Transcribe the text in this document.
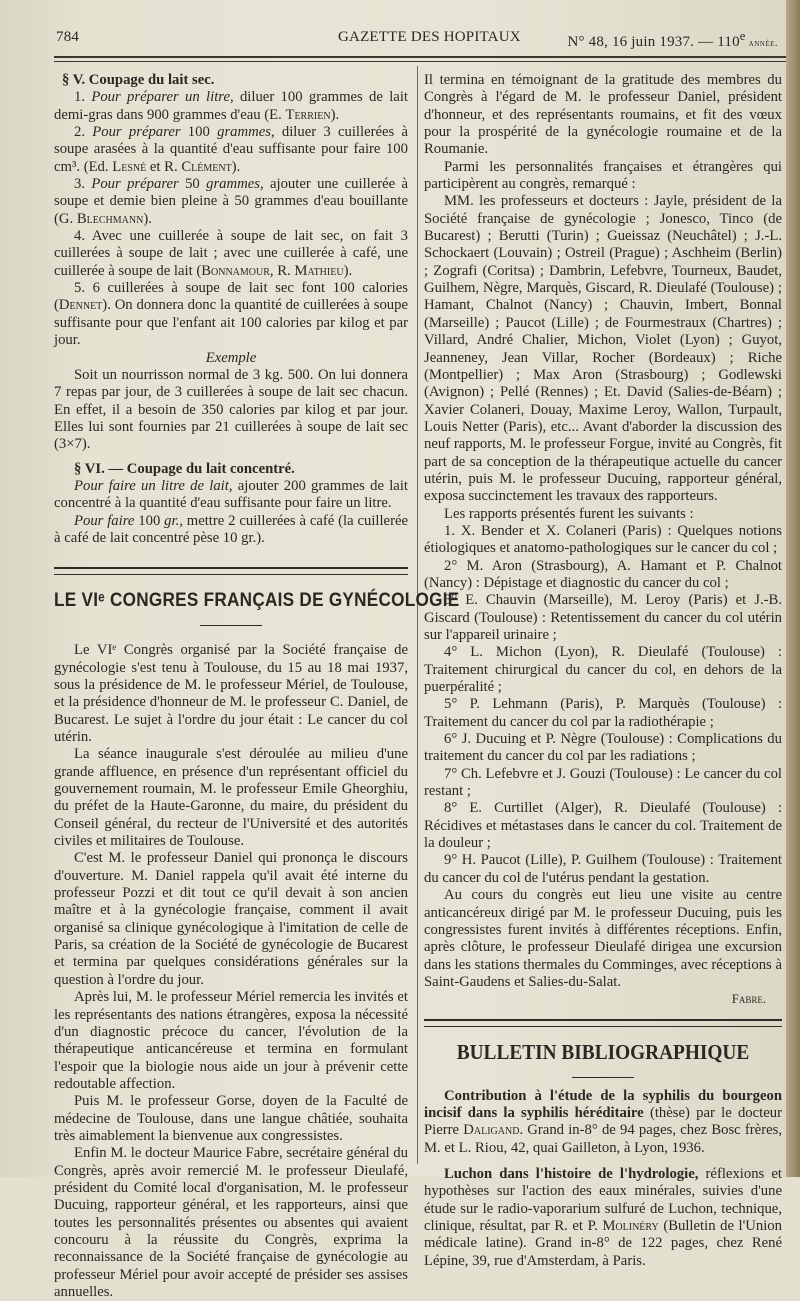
784	GAZETTE DES HOPITAUX	N° 48, 16 juin 1937. — 110e année.

§ V. Coupage du lait sec.

1. Pour préparer un litre, diluer 100 grammes de lait demi-gras dans 900 grammes d'eau (E. Terrien).

2. Pour préparer 100 grammes, diluer 3 cuillerées à soupe arasées à la quantité d'eau suffisante pour faire 100 cm³. (Ed. Lesné et R. Clément).

3. Pour préparer 50 grammes, ajouter une cuillerée à soupe et demie bien pleine à 50 grammes d'eau bouillante (G. Blechmann).

4. Avec une cuillerée à soupe de lait sec, on fait 3 cuillerées à soupe de lait ; avec une cuillerée à café, une cuillerée à soupe de lait (Bonnamour, R. Mathieu).

5. 6 cuillerées à soupe de lait sec font 100 calories (Dennet). On donnera donc la quantité de cuillerées à soupe suffisante pour que l'enfant ait 100 calories par kilog et par jour.

Exemple

Soit un nourrisson normal de 3 kg. 500. On lui donnera 7 repas par jour, de 3 cuillerées à soupe de lait sec chacun. En effet, il a besoin de 350 calories par kilog et par jour. Elles lui sont fournies par 21 cuillerées à soupe de lait sec (3×7).

§ VI. — Coupage du lait concentré.

Pour faire un litre de lait, ajouter 200 grammes de lait concentré à la quantité d'eau suffisante pour faire un litre.

Pour faire 100 gr., mettre 2 cuillerées à café (la cuillerée à café de lait concentré pèse 10 gr.).

LE VIᵉ CONGRES FRANÇAIS DE GYNÉCOLOGIE

Le VIᵉ Congrès organisé par la Société française de gynécologie s'est tenu à Toulouse, du 15 au 18 mai 1937, sous la présidence de M. le professeur Mériel, de Toulouse, et la présidence d'honneur de M. le professeur C. Daniel, de Bucarest. Le sujet à l'ordre du jour était : Le cancer du col utérin.

La séance inaugurale s'est déroulée au milieu d'une grande affluence, en présence d'un représentant officiel du gouvernement roumain, M. le professeur Emile Gheorghiu, du préfet de la Haute-Garonne, du maire, du président du Conseil général, du recteur de l'Université et des autorités civiles et militaires de Toulouse.

C'est M. le professeur Daniel qui prononça le discours d'ouverture. M. Daniel rappela qu'il avait été interne du professeur Pozzi et dit tout ce qu'il devait à son ancien maître et à la gynécologie française, comment il avait organisé sa clinique gynécologique à l'imitation de celle de Paris, sa création de la Société de gynécologie de Bucarest et termina par quelques considérations générales sur la question à l'ordre du jour.

Après lui, M. le professeur Mériel remercia les invités et les représentants des nations étrangères, exposa la nécessité d'un diagnostic précoce du cancer, l'évolution de la thérapeutique anticancéreuse et termina en formulant l'espoir que la biologie nous aide un jour à prévenir cette redoutable affection.

Puis M. le professeur Gorse, doyen de la Faculté de médecine de Toulouse, dans une langue châtiée, souhaita très aimablement la bienvenue aux congressistes.

Enfin M. le docteur Maurice Fabre, secrétaire général du Congrès, après avoir remercié M. le professeur Dieulafé, président du Comité local d'organisation, M. le professeur Ducuing, rapporteur général, et les rapporteurs, ainsi que toutes les personnalités présentes ou absentes qui avaient concouru à la réussite du Congrès, exprima la reconnaissance de la Société française de gynécologie au professeur Mériel pour avoir accepté de présider ses assises annuelles.

Il termina en témoignant de la gratitude des membres du Congrès à l'égard de M. le professeur Daniel, président d'honneur, et des représentants roumains, et fit des vœux pour la prospérité de la gynécologie roumaine et de la Roumanie.

Parmi les personnalités françaises et étrangères qui participèrent au congrès, remarqué :

MM. les professeurs et docteurs : Jayle, président de la Société française de gynécologie ; Jonesco, Tinco (de Bucarest) ; Berutti (Turin) ; Gueissaz (Neuchâtel) ; J.-L. Schockaert (Louvain) ; Ostreil (Prague) ; Aschheim (Berlin) ; Zografi (Coritsa) ; Dambrin, Lefebvre, Tourneux, Baudet, Guilhem, Nègre, Marquès, Giscard, R. Dieulafé (Toulouse) ; Hamant, Chalnot (Nancy) ; Chauvin, Imbert, Bonnal (Marseille) ; Paucot (Lille) ; de Fourmestraux (Chartres) ; Villard, André Chalier, Michon, Violet (Lyon) ; Guyot, Jeanneney, Jean Villar, Rocher (Bordeaux) ; Riche (Montpellier) ; Max Aron (Strasbourg) ; Godlewski (Avignon) ; Pellé (Rennes) ; Et. David (Salies-de-Béarn) ; Xavier Colaneri, Douay, Maxime Leroy, Wallon, Turpault, Louis Netter (Paris), etc... Avant d'aborder la discussion des neuf rapports, M. le professeur Forgue, invité au Congrès, fit part de sa conception de la thérapeutique actuelle du cancer utérin, puis M. le professeur Ducuing, rapporteur général, exposa succinctement les travaux des rapporteurs.

Les rapports présentés furent les suivants :

1. X. Bender et X. Colaneri (Paris) : Quelques notions étiologiques et anatomo-pathologiques sur le cancer du col ;

2° M. Aron (Strasbourg), A. Hamant et P. Chalnot (Nancy) : Dépistage et diagnostic du cancer du col ;

3° E. Chauvin (Marseille), M. Leroy (Paris) et J.-B. Giscard (Toulouse) : Retentissement du cancer du col utérin sur l'appareil urinaire ;

4° L. Michon (Lyon), R. Dieulafé (Toulouse) : Traitement chirurgical du cancer du col, en dehors de la puerpéralité ;

5° P. Lehmann (Paris), P. Marquès (Toulouse) : Traitement du cancer du col par la radiothérapie ;

6° J. Ducuing et P. Nègre (Toulouse) : Complications du traitement du cancer du col par les radiations ;

7° Ch. Lefebvre et J. Gouzi (Toulouse) : Le cancer du col restant ;

8° E. Curtillet (Alger), R. Dieulafé (Toulouse) : Récidives et métastases dans le cancer du col. Traitement de la douleur ;

9° H. Paucot (Lille), P. Guilhem (Toulouse) : Traitement du cancer du col de l'utérus pendant la gestation.

Au cours du congrès eut lieu une visite au centre anticancéreux dirigé par M. le professeur Ducuing, puis les congressistes furent invités à différentes réceptions. Enfin, après clôture, le professeur Dieulafé dirigea une excursion dans les stations thermales du Comminges, avec réceptions à Saint-Gaudens et Salies-du-Salat.

Fabre.

BULLETIN BIBLIOGRAPHIQUE

Contribution à l'étude de la syphilis du bourgeon incisif dans la syphilis héréditaire (thèse) par le docteur Pierre Daligand. Grand in-8° de 94 pages, chez Bosc frères, M. et L. Riou, 42, quai Gailleton, à Lyon, 1936.

Luchon dans l'histoire de l'hydrologie, réflexions et hypothèses sur l'action des eaux minérales, suivies d'une étude sur le radio-vaporarium sulfuré de Luchon, technique, clinique, résultat, par R. et P. Molinéry (Bulletin de l'Union médicale latine). Grand in-8° de 122 pages, chez René Lépine, 39, rue d'Amsterdam, à Paris.
